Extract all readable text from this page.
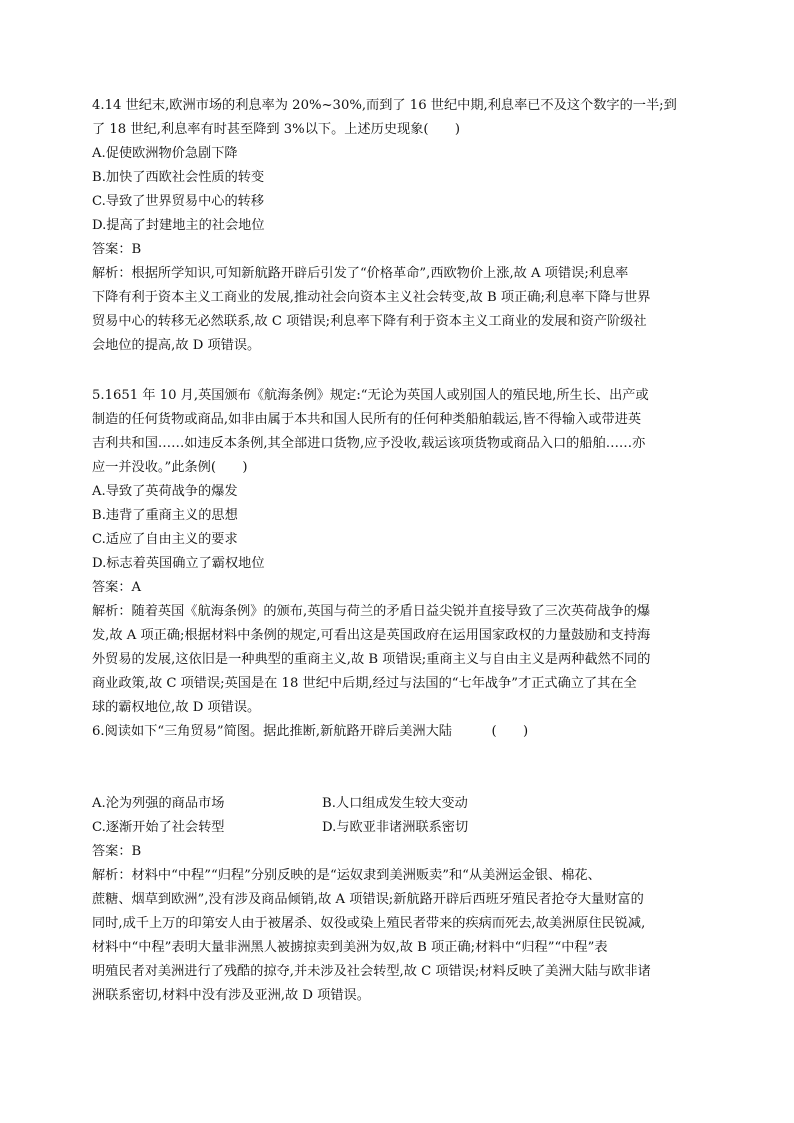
4.14 世纪末,欧洲市场的利息率为 20%~30%,而到了 16 世纪中期,利息率已不及这个数字的一半;到
了 18 世纪,利息率有时甚至降到 3%以下。上述历史现象(　　)
A.促使欧洲物价急剧下降
B.加快了西欧社会性质的转变
C.导致了世界贸易中心的转移
D.提高了封建地主的社会地位
答案：B
解析：根据所学知识,可知新航路开辟后引发了“价格革命”,西欧物价上涨,故 A 项错误;利息率
下降有利于资本主义工商业的发展,推动社会向资本主义社会转变,故 B 项正确;利息率下降与世界
贸易中心的转移无必然联系,故 C 项错误;利息率下降有利于资本主义工商业的发展和资产阶级社
会地位的提高,故 D 项错误。
5.1651 年 10 月,英国颁布《航海条例》规定:“无论为英国人或别国人的殖民地,所生长、出产或
制造的任何货物或商品,如非由属于本共和国人民所有的任何种类船舶载运,皆不得输入或带进英
吉利共和国……如违反本条例,其全部进口货物,应予没收,载运该项货物或商品入口的船舶……亦
应一并没收。”此条例(　　)
A.导致了英荷战争的爆发
B.违背了重商主义的思想
C.适应了自由主义的要求
D.标志着英国确立了霸权地位
答案：A
解析：随着英国《航海条例》的颁布,英国与荷兰的矛盾日益尖锐并直接导致了三次英荷战争的爆
发,故 A 项正确;根据材料中条例的规定,可看出这是英国政府在运用国家政权的力量鼓励和支持海
外贸易的发展,这依旧是一种典型的重商主义,故 B 项错误;重商主义与自由主义是两种截然不同的
商业政策,故 C 项错误;英国是在 18 世纪中后期,经过与法国的“七年战争”才正式确立了其在全
球的霸权地位,故 D 项错误。
6.阅读如下“三角贸易”简图。据此推断,新航路开辟后美洲大陆　　　(　　)
A.沦为列强的商品市场	B.人口组成发生较大变动
C.逐渐开始了社会转型	D.与欧亚非诸洲联系密切
答案：B
解析：材料中“中程”“归程”分别反映的是“运奴隶到美洲贩卖”和“从美洲运金银、棉花、
蔗糖、烟草到欧洲”,没有涉及商品倾销,故 A 项错误;新航路开辟后西班牙殖民者抢夺大量财富的
同时,成千上万的印第安人由于被屠杀、奴役或染上殖民者带来的疾病而死去,故美洲原住民锐减,
材料中“中程”表明大量非洲黑人被掳掠卖到美洲为奴,故 B 项正确;材料中“归程”“中程”表
明殖民者对美洲进行了残酷的掠夺,并未涉及社会转型,故 C 项错误;材料反映了美洲大陆与欧非诸
洲联系密切,材料中没有涉及亚洲,故 D 项错误。
